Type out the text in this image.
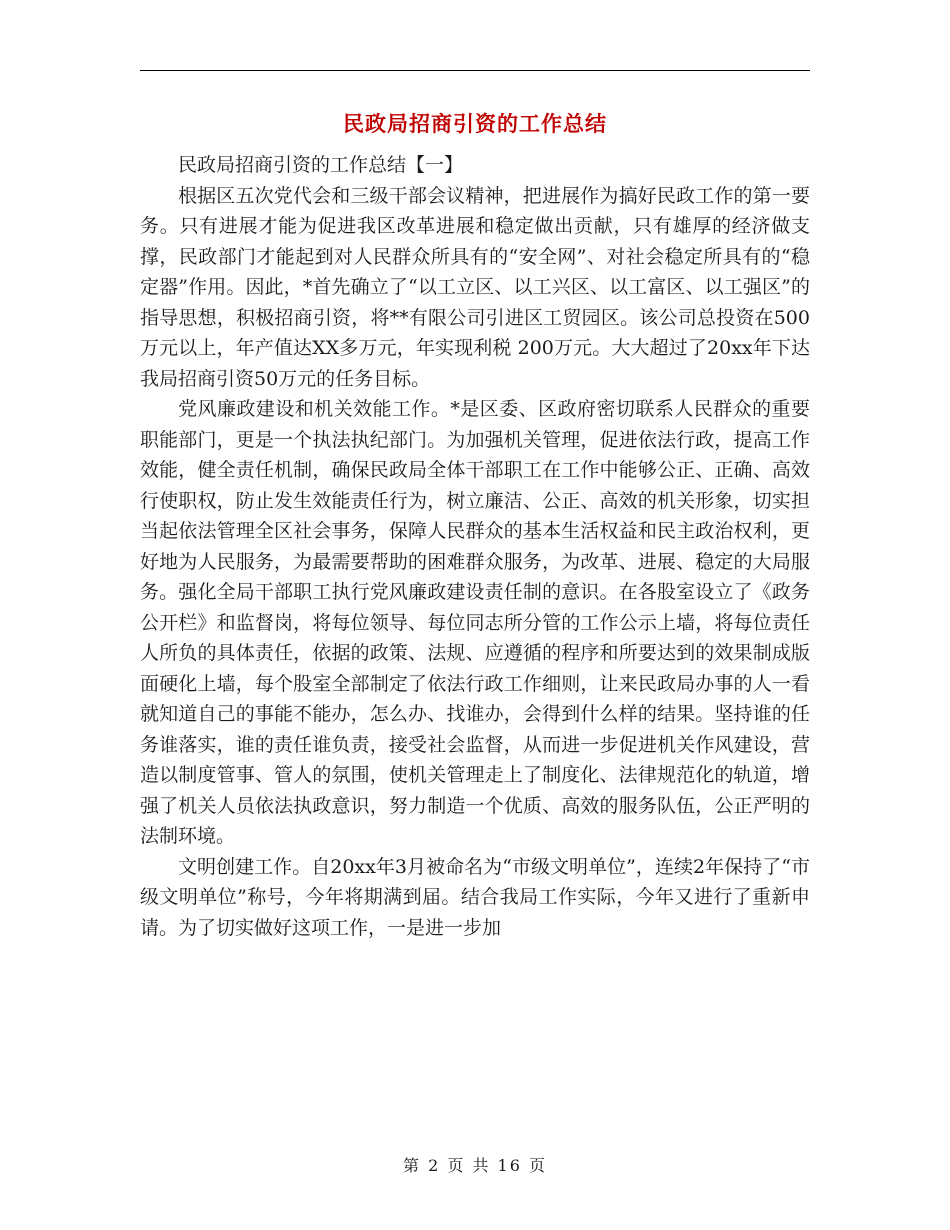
民政局招商引资的工作总结

民政局招商引资的工作总结【一】

根据区五次党代会和三级干部会议精神，把进展作为搞好民政工作的第一要务。只有进展才能为促进我区改革进展和稳定做出贡献，只有雄厚的经济做支撑，民政部门才能起到对人民群众所具有的“安全网”、对社会稳定所具有的“稳定器”作用。因此，*首先确立了“以工立区、以工兴区、以工富区、以工强区”的指导思想，积极招商引资，将**有限公司引进区工贸园区。该公司总投资在500万元以上，年产值达XX多万元，年实现利税 200万元。大大超过了20xx年下达我局招商引资50万元的任务目标。

党风廉政建设和机关效能工作。*是区委、区政府密切联系人民群众的重要职能部门，更是一个执法执纪部门。为加强机关管理，促进依法行政，提高工作效能，健全责任机制，确保民政局全体干部职工在工作中能够公正、正确、高效行使职权，防止发生效能责任行为，树立廉洁、公正、高效的机关形象，切实担当起依法管理全区社会事务，保障人民群众的基本生活权益和民主政治权利，更好地为人民服务，为最需要帮助的困难群众服务，为改革、进展、稳定的大局服务。强化全局干部职工执行党风廉政建设责任制的意识。在各股室设立了《政务公开栏》和监督岗，将每位领导、每位同志所分管的工作公示上墙，将每位责任人所负的具体责任，依据的政策、法规、应遵循的程序和所要达到的效果制成版面硬化上墙，每个股室全部制定了依法行政工作细则，让来民政局办事的人一看就知道自己的事能不能办，怎么办、找谁办，会得到什么样的结果。坚持谁的任务谁落实，谁的责任谁负责，接受社会监督，从而进一步促进机关作风建设，营造以制度管事、管人的氛围，使机关管理走上了制度化、法律规范化的轨道，增强了机关人员依法执政意识，努力制造一个优质、高效的服务队伍，公正严明的法制环境。

文明创建工作。自20xx年3月被命名为“市级文明单位”，连续2年保持了“市级文明单位”称号，今年将期满到届。结合我局工作实际，今年又进行了重新申请。为了切实做好这项工作，一是进一步加

第 2 页 共 16 页
